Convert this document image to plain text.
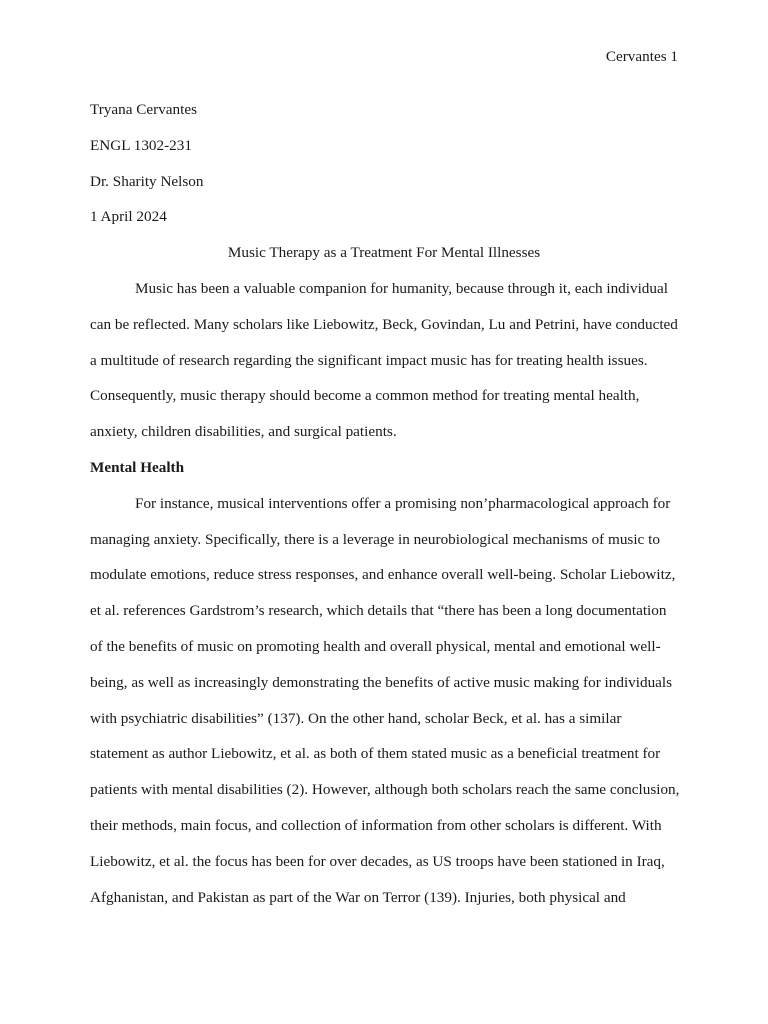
Cervantes 1

Tryana Cervantes

ENGL 1302-231

Dr. Sharity Nelson

1 April 2024

Music Therapy as a Treatment For Mental Illnesses

Music has been a valuable companion for humanity, because through it, each individual
can be reflected. Many scholars like Liebowitz, Beck, Govindan, Lu and Petrini, have conducted
a multitude of research regarding the significant impact music has for treating health issues.
Consequently, music therapy should become a common method for treating mental health,
anxiety, children disabilities, and surgical patients.

Mental Health

For instance, musical interventions offer a promising non’pharmacological approach for
managing anxiety. Specifically, there is a leverage in neurobiological mechanisms of music to
modulate emotions, reduce stress responses, and enhance overall well-being. Scholar Liebowitz,
et al. references Gardstrom’s research, which details that “there has been a long documentation
of the benefits of music on promoting health and overall physical, mental and emotional well-
being, as well as increasingly demonstrating the benefits of active music making for individuals
with psychiatric disabilities” (137). On the other hand, scholar Beck, et al. has a similar
statement as author Liebowitz, et al. as both of them stated music as a beneficial treatment for
patients with mental disabilities (2). However, although both scholars reach the same conclusion,
their methods, main focus, and collection of information from other scholars is different. With
Liebowitz, et al. the focus has been for over decades, as US troops have been stationed in Iraq,
Afghanistan, and Pakistan as part of the War on Terror (139). Injuries, both physical and
